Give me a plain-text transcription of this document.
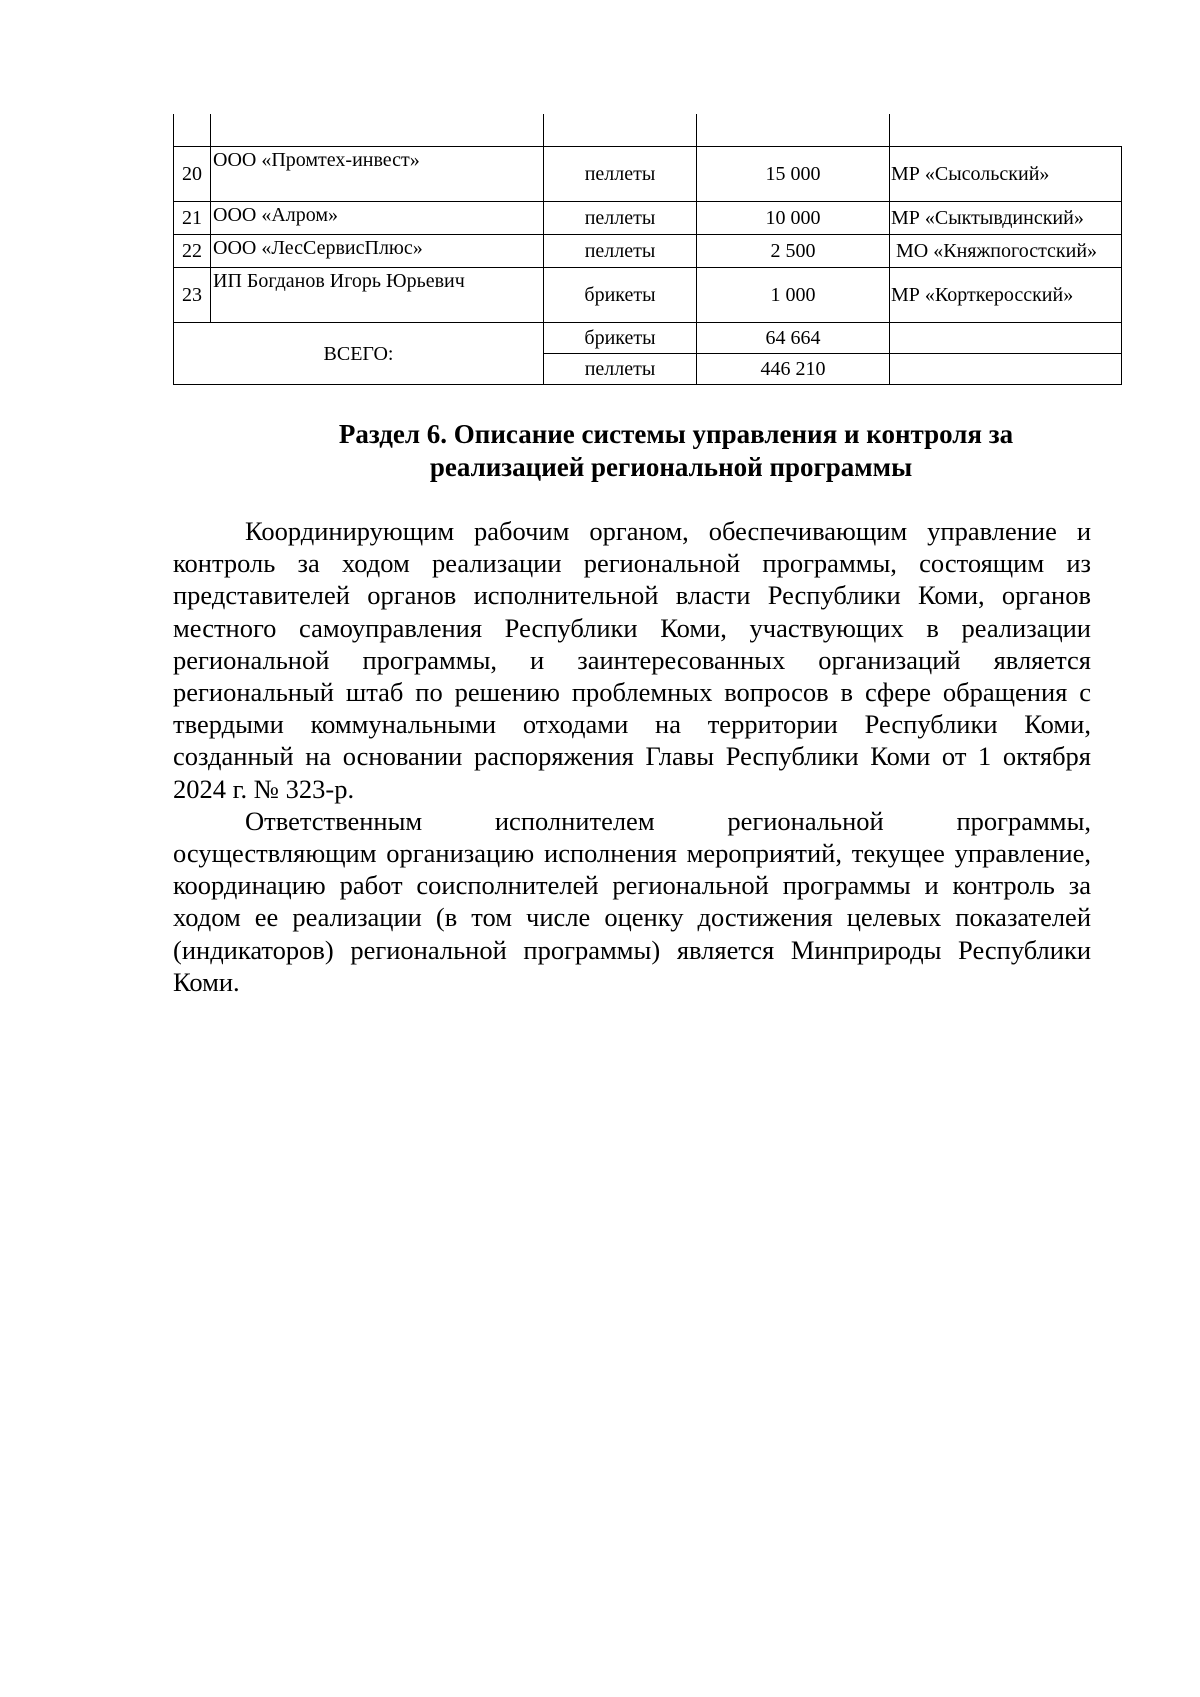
20	ООО «Промтех-инвест»	пеллеты	15 000	МР «Сысольский»
21	ООО «Алром»	пеллеты	10 000	МР «Сыктывдинский»
22	ООО «ЛесСервисПлюс»	пеллеты	2 500	МО «Княжпогостский»
23	ИП Богданов Игорь Юрьевич	брикеты	1 000	МР «Корткеросский»
ВСЕГО:		брикеты	64 664	
		пеллеты	446 210	
Раздел 6. Описание системы управления и контроля за
реализацией региональной программы

Координирующим рабочим органом, обеспечивающим управление и контроль за ходом реализации региональной программы, состоящим из представителей органов исполнительной власти Республики Коми, органов местного самоуправления Республики Коми, участвующих в реализации региональной программы, и заинтересованных организаций является региональный штаб по решению проблемных вопросов в сфере обращения с твердыми коммунальными отходами на территории Республики Коми, созданный на основании распоряжения Главы Республики Коми от 1 октября 2024 г. № 323-р.

Ответственным исполнителем региональной программы, осуществляющим организацию исполнения мероприятий, текущее управление, координацию работ соисполнителей региональной программы и контроль за ходом ее реализации (в том числе оценку достижения целевых показателей (индикаторов) региональной программы) является Минприроды Республики Коми.
